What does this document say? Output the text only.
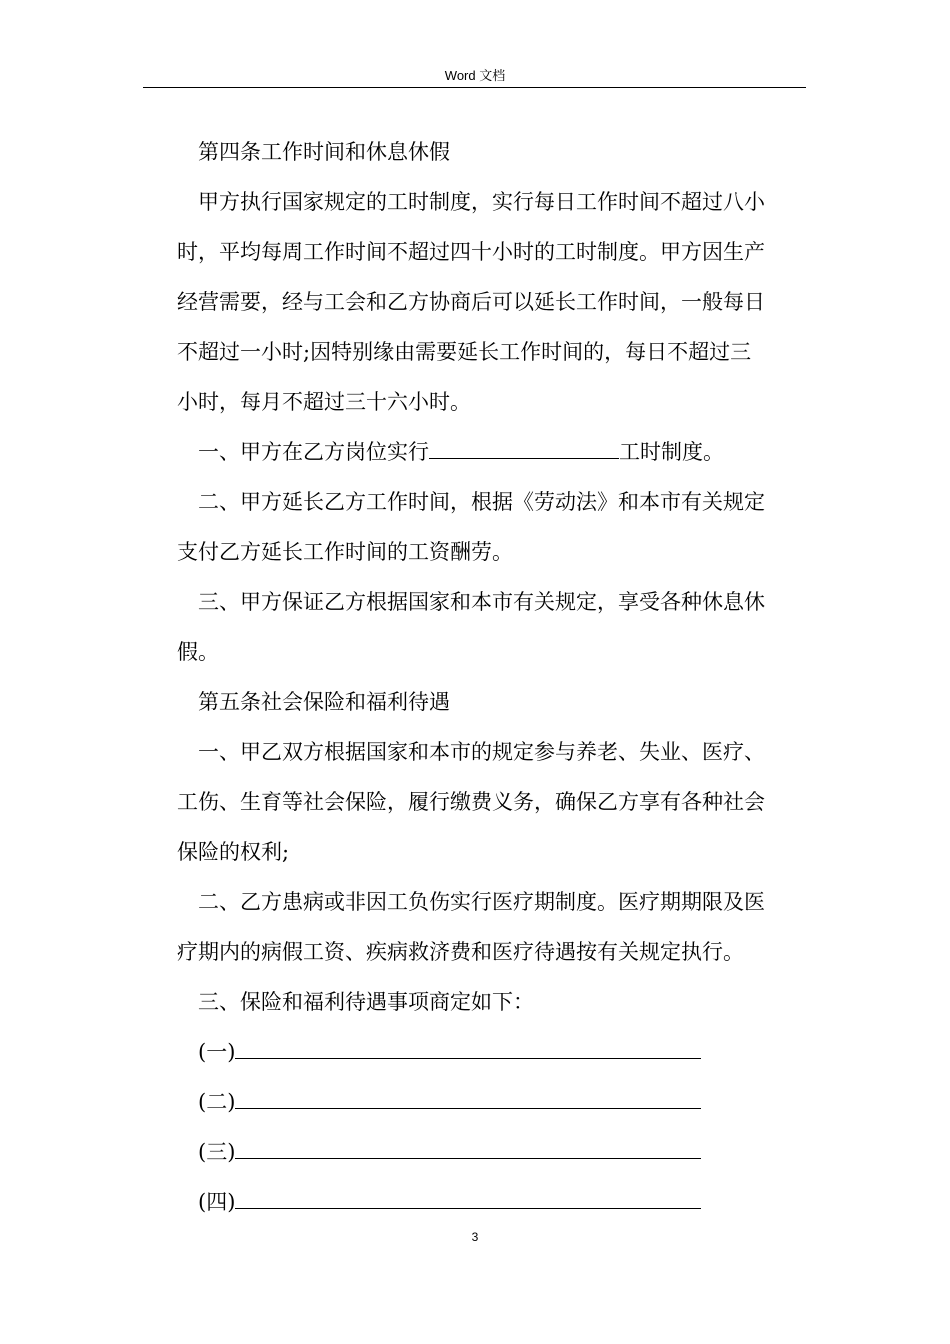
Word 文档

第四条工作时间和休息休假

甲方执行国家规定的工时制度，实行每日工作时间不超过八小

时，平均每周工作时间不超过四十小时的工时制度。甲方因生产

经营需要，经与工会和乙方协商后可以延长工作时间，一般每日

不超过一小时;因特别缘由需要延长工作时间的，每日不超过三

小时，每月不超过三十六小时。

一、甲方在乙方岗位实行	工时制度。

二、甲方延长乙方工作时间，根据《劳动法》和本市有关规定

支付乙方延长工作时间的工资酬劳。

三、甲方保证乙方根据国家和本市有关规定，享受各种休息休

假。

第五条社会保险和福利待遇

一、甲乙双方根据国家和本市的规定参与养老、失业、医疗、

工伤、生育等社会保险，履行缴费义务，确保乙方享有各种社会

保险的权利;

二、乙方患病或非因工负伤实行医疗期制度。医疗期期限及医

疗期内的病假工资、疾病救济费和医疗待遇按有关规定执行。

三、保险和福利待遇事项商定如下：

(一)

(二)

(三)

(四)

3
